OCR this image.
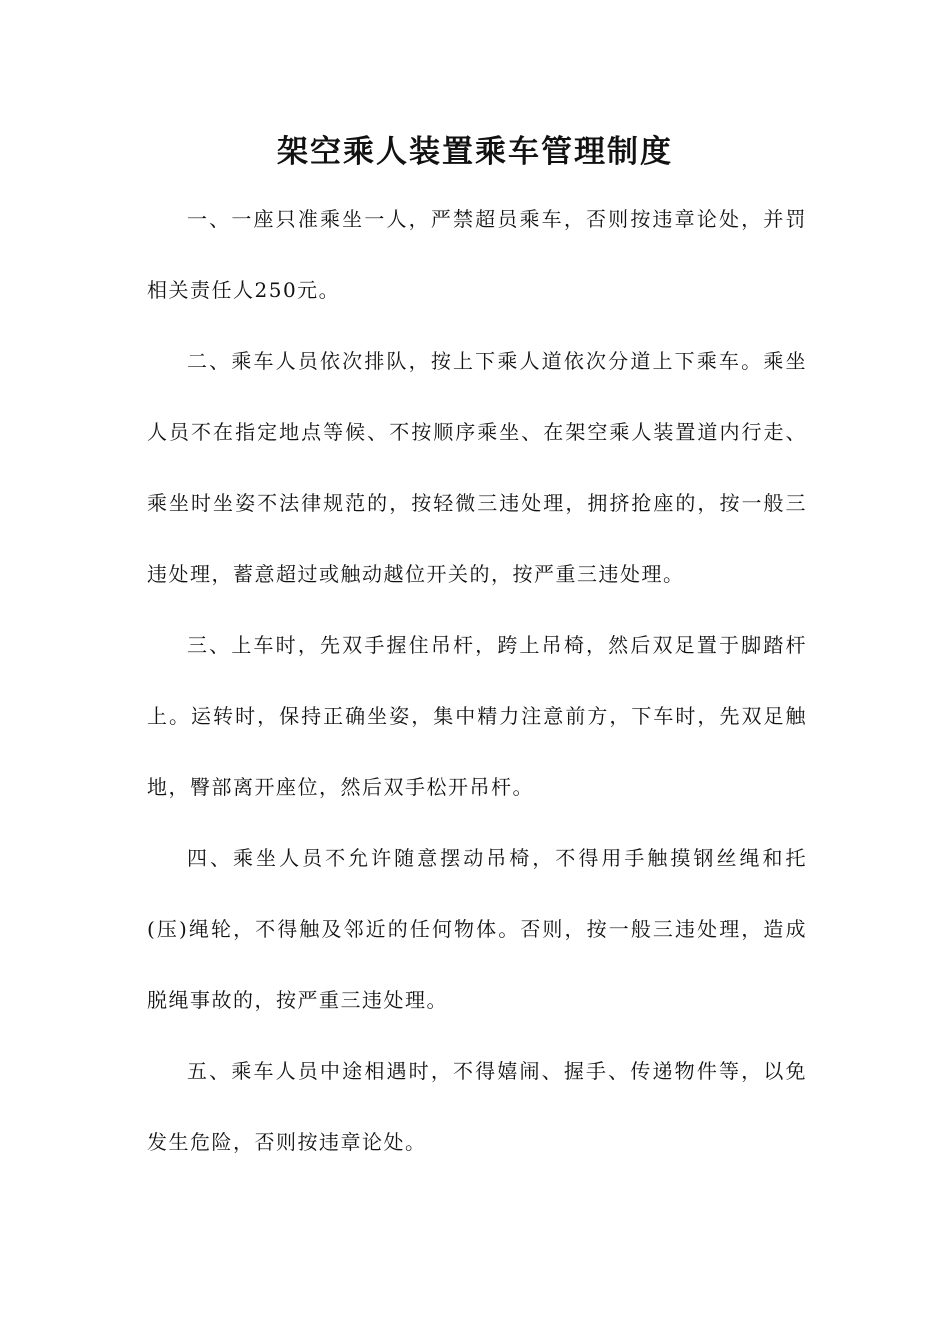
架空乘人装置乘车管理制度

一、一座只准乘坐一人，严禁超员乘车，否则按违章论处，并罚相关责任人250元。

二、乘车人员依次排队，按上下乘人道依次分道上下乘车。乘坐人员不在指定地点等候、不按顺序乘坐、在架空乘人装置道内行走、乘坐时坐姿不法律规范的，按轻微三违处理，拥挤抢座的，按一般三违处理，蓄意超过或触动越位开关的，按严重三违处理。

三、上车时，先双手握住吊杆，跨上吊椅，然后双足置于脚踏杆上。运转时，保持正确坐姿，集中精力注意前方，下车时，先双足触地，臀部离开座位，然后双手松开吊杆。

四、乘坐人员不允许随意摆动吊椅，不得用手触摸钢丝绳和托(压)绳轮，不得触及邻近的任何物体。否则，按一般三违处理，造成脱绳事故的，按严重三违处理。

五、乘车人员中途相遇时，不得嬉闹、握手、传递物件等，以免发生危险，否则按违章论处。
